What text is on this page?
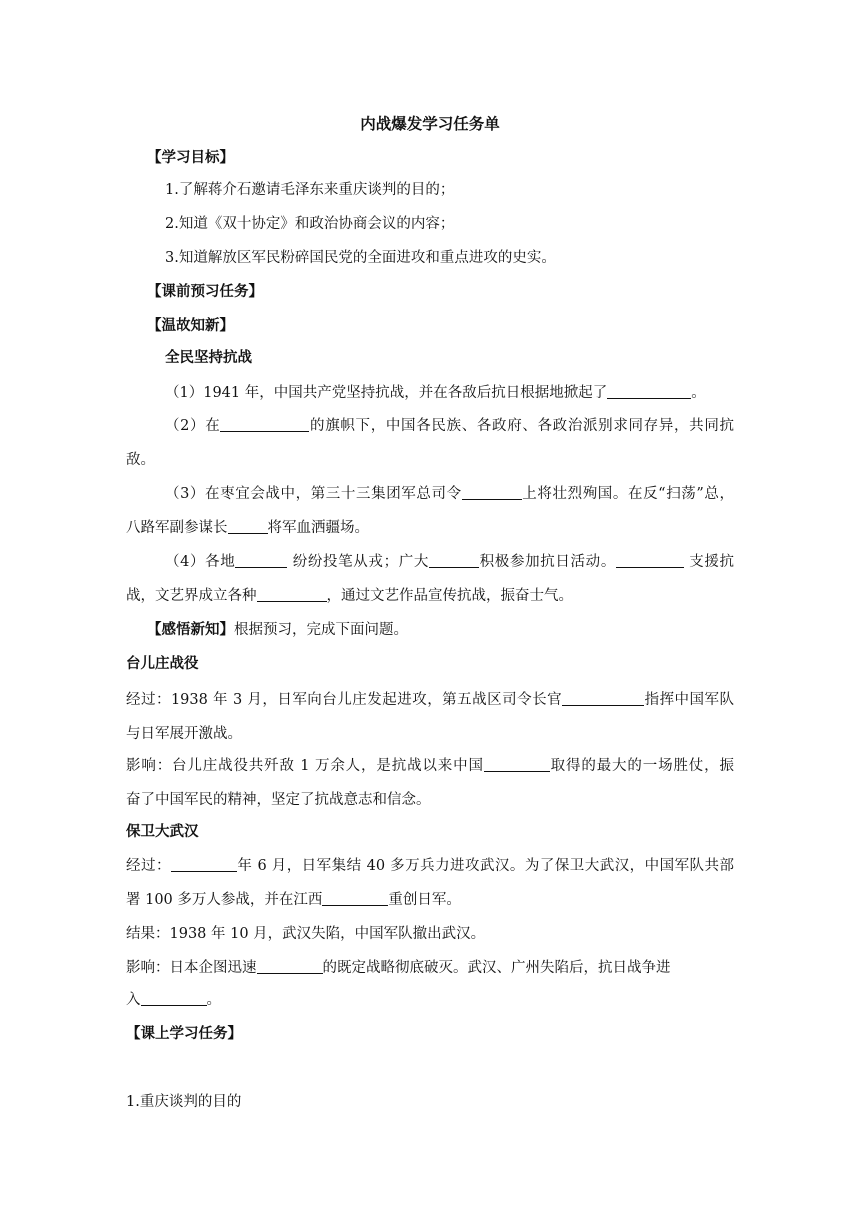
内战爆发学习任务单
【学习目标】
1.了解蒋介石邀请毛泽东来重庆谈判的目的；
2.知道《双十协定》和政治协商会议的内容；
3.知道解放区军民粉碎国民党的全面进攻和重点进攻的史实。
【课前预习任务】
【温故知新】
全民坚持抗战
（1）1941 年，中国共产党坚持抗战，并在各敌后抗日根据地掀起了	。
（2）在	的旗帜下，中国各民族、各政府、各政治派别求同存异，共同抗
敌。
（3）在枣宜会战中，第三十三集团军总司令	上将壮烈殉国。在反“扫荡”总，
八路军副参谋长	将军血洒疆场。
（4）各地	纷纷投笔从戎；广大	积极参加抗日活动。	支援抗
战，文艺界成立各种	，通过文艺作品宣传抗战，振奋士气。
【感悟新知】根据预习，完成下面问题。
台儿庄战役
经过：1938 年 3 月，日军向台儿庄发起进攻，第五战区司令长官	指挥中国军队
与日军展开激战。
影响：台儿庄战役共歼敌 1 万余人，是抗战以来中国	取得的最大的一场胜仗，振
奋了中国军民的精神，坚定了抗战意志和信念。
保卫大武汉
经过：	年 6 月，日军集结 40 多万兵力进攻武汉。为了保卫大武汉，中国军队共部
署 100 多万人参战，并在江西	重创日军。
结果：1938 年 10 月，武汉失陷，中国军队撤出武汉。
影响：日本企图迅速	的既定战略彻底破灭。武汉、广州失陷后，抗日战争进
入	。
【课上学习任务】
1.重庆谈判的目的
